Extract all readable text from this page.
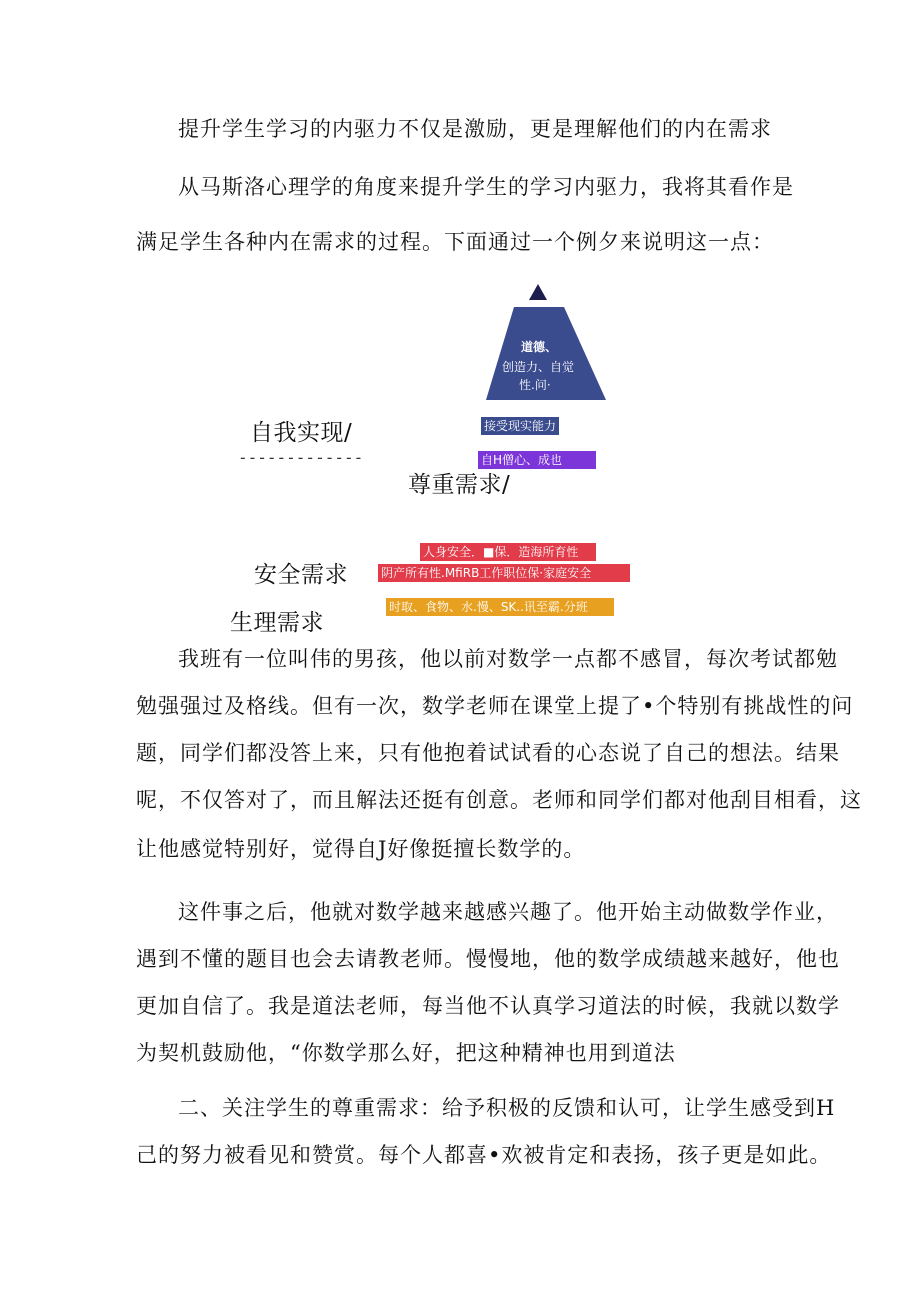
提升学生学习的内驱力不仅是激励，更是理解他们的内在需求
从马斯洛心理学的角度来提升学生的学习内驱力，我将其看作是
满足学生各种内在需求的过程。下面通过一个例夕来说明这一点：
道德、
创造力、自觉
性.问·
解决能力、公正度、
接受现实能力
自我实现/
-------------	自H僧心、成也
尊重需求/
人身安全．■保．造海所育性
阴产所有性.MfiRB工作职位保·家庭安全
安全需求
时取、食物、水.慢、SK..讯至霸.分班
生理需求
我班有一位叫伟的男孩，他以前对数学一点都不感冒，每次考试都勉
勉强强过及格线。但有一次，数学老师在课堂上提了•个特别有挑战性的问
题，同学们都没答上来，只有他抱着试试看的心态说了自己的想法。结果
呢，不仅答对了，而且解法还挺有创意。老师和同学们都对他刮目相看，这
让他感觉特别好，觉得自J好像挺擅长数学的。
这件事之后，他就对数学越来越感兴趣了。他开始主动做数学作业，
遇到不懂的题目也会去请教老师。慢慢地，他的数学成绩越来越好，他也
更加自信了。我是道法老师，每当他不认真学习道法的时候，我就以数学
为契机鼓励他，“你数学那么好，把这种精神也用到道法
二、关注学生的尊重需求：给予积极的反馈和认可，让学生感受到H
己的努力被看见和赞赏。每个人都喜•欢被肯定和表扬，孩子更是如此。
